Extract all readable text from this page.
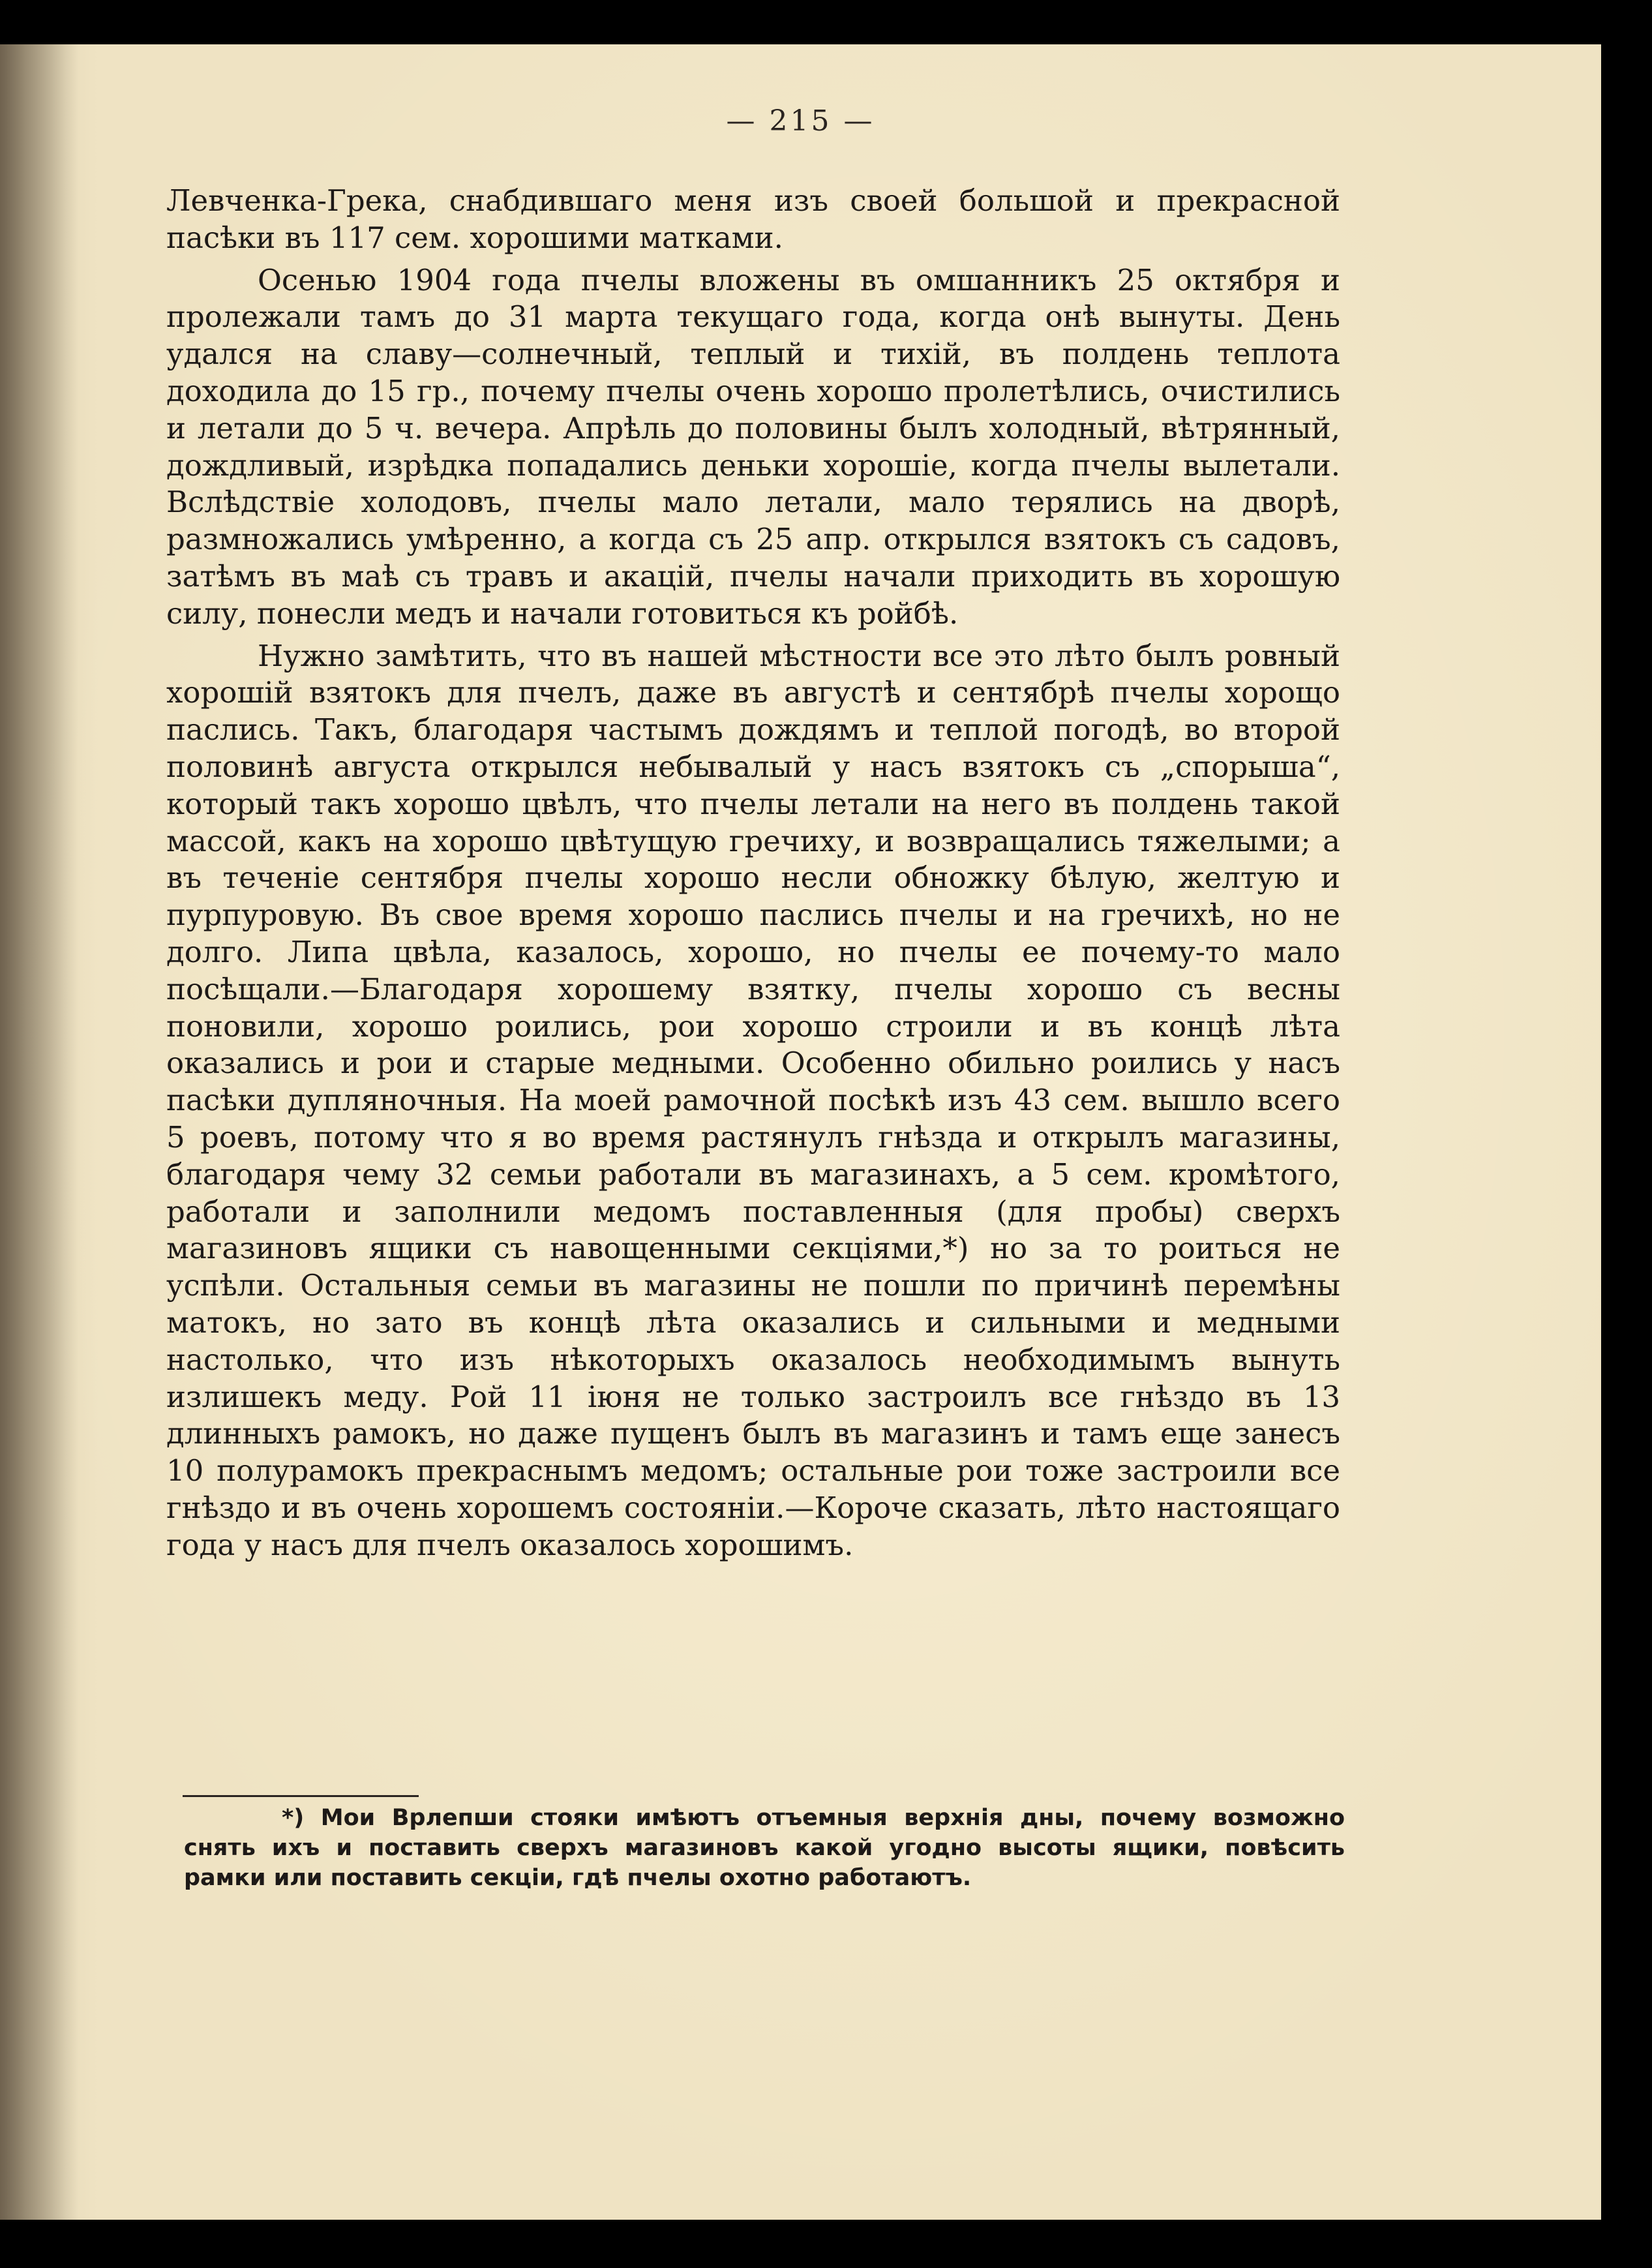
— 215 —

Левченка-Грека, снабдившаго меня изъ своей большой и прекрасной пасѣки въ 117 сем. хорошими матками.

Осенью 1904 года пчелы вложены въ омшанникъ 25 октября и пролежали тамъ до 31 марта текущаго года, когда онѣ вынуты. День удался на славу—солнечный, теплый и тихій, въ полдень теплота доходила до 15 гр., почему пчелы очень хорошо пролетѣлись, очистились и летали до 5 ч. вечера. Апрѣль до половины былъ холодный, вѣтрянный, дождливый, изрѣдка попадались деньки хорошіе, когда пчелы вылетали. Вслѣдствіе холодовъ, пчелы мало летали, мало терялись на дворѣ, размножались умѣренно, а когда съ 25 апр. открылся взятокъ съ садовъ, затѣмъ въ маѣ съ травъ и акацій, пчелы начали приходить въ хорошую силу, понесли медъ и начали готовиться къ ройбѣ.

Нужно замѣтить, что въ нашей мѣстности все это лѣто былъ ровный хорошій взятокъ для пчелъ, даже въ августѣ и сентябрѣ пчелы хорощо паслись. Такъ, благодаря частымъ дождямъ и теплой погодѣ, во второй половинѣ августа открылся небывалый у насъ взятокъ съ „спорыша“, который такъ хорошо цвѣлъ, что пчелы летали на него въ полдень такой массой, какъ на хорошо цвѣтущую гречиху, и возвращались тяжелыми; а въ теченіе сентября пчелы хорошо несли обножку бѣлую, желтую и пурпуровую. Въ свое время хорошо паслись пчелы и на гречихѣ, но не долго. Липа цвѣла, казалось, хорошо, но пчелы ее почему-то мало посѣщали.—Благодаря хорошему взятку, пчелы хорошо съ весны поновили, хорошо роились, рои хорошо строили и въ концѣ лѣта оказались и рои и старые медными. Особенно обильно роились у насъ пасѣки дупляночныя. На моей рамочной посѣкѣ изъ 43 сем. вышло всего 5 роевъ, потому что я во время растянулъ гнѣзда и открылъ магазины, благодаря чему 32 семьи работали въ магазинахъ, а 5 сем. кромѣтого, работали и заполнили медомъ поставленныя (для пробы) сверхъ магазиновъ ящики съ навощенными секціями,*) но за то роиться не успѣли. Остальныя семьи въ магазины не пошли по причинѣ перемѣны матокъ, но зато въ концѣ лѣта оказались и сильными и медными настолько, что изъ нѣкоторыхъ оказалось необходимымъ вынуть излишекъ меду. Рой 11 іюня не только застроилъ все гнѣздо въ 13 длинныхъ рамокъ, но даже пущенъ былъ въ магазинъ и тамъ еще занесъ 10 полурамокъ прекраснымъ медомъ; остальные рои тоже застроили все гнѣздо и въ очень хорошемъ состояніи.—Короче сказать, лѣто настоящаго года у насъ для пчелъ оказалось хорошимъ.

*) Мои Врлепши стояки имѣютъ отъемныя верхнія дны, почему возможно снять ихъ и поставить сверхъ магазиновъ какой угодно высоты ящики, повѣсить рамки или поставить секціи, гдѣ пчелы охотно работаютъ.
